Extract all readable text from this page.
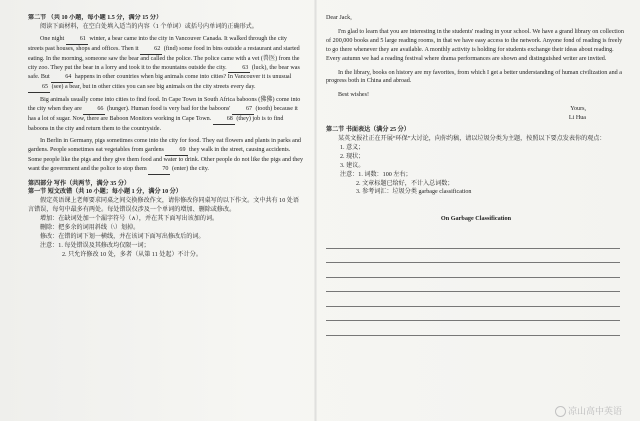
第二节 （共 10 小题，每小题 1.5 分，满分 15 分）

阅读下面材料，在空白处填入适当的内容（1 个单词）或括号内单词的正确形式。

One night 61 winter, a bear came into the city in Vancouver Canada. It walked through the city streets past houses, shops and offices. Then it 62 (find) some food in bins outside a restaurant and started eating. In the morning, someone saw the bear and called the police. The police came with a vet (兽医) from the city zoo. They put the bear in a lorry and took it to the mountains outside the city. 63 (luck), the bear was safe. But 64 happens in other countries when big animals come into cities? In Vancouver it is unusual 65 (see) a bear, but in other cities you can see big animals on the city streets every day.

Big animals usually come into cities to find food. In Cape Town in South Africa baboons (狒狒) come into the city when they are 66 (hunger). Human food is very bad for the baboons' 67 (tooth) because it has a lot of sugar. Now, there are Baboon Monitors working in Cape Town. 68 (they) job is to find baboons in the city and return them to the countryside.

In Berlin in Germany, pigs sometimes come into the city for food. They eat flowers and plants in parks and gardens. People sometimes eat vegetables from gardens 69 they walk in the street, causing accidents. Some people like the pigs and they give them food and water to drink. Other people do not like the pigs and they want the government and the police to stop them 70 (enter) the city.

第四部分 写作（共两节，满分 35 分）

第一节 短文改错（共 10 小题；每小题 1 分，满分 10 分）

假定英语课上老师要求同桌之间交换修改作文，请你修改你同桌写的以下作文。文中共有 10 处语言错误，每句中最多有两处。每处错误仅涉及一个单词的增加、删除或修改。

增加：在缺词处加一个漏字符号（∧），并在其下面写出该加的词。

删除：把多余的词用斜线（\）划掉。

修改：在错的词下划一横线，并在该词下面写出修改后的词。

注意：1. 每处错误及其修改均仅限一词；

2. 只允许修改 10 处，多者（从第 11 处起）不计分。

Dear Jack,

I'm glad to learn that you are interesting in the students' reading in your school. We have a grand library on collection of 200,000 books and 5 large reading rooms, in that we have easy access to the network. Anyone fond of reading is freely to go there whenever they are available. A monthly activity is holding for students exchange their ideas about reading. Every autumn we had a reading festival where drama performances are shown and distinguished writer are invited.

In the library, books on history are my favorites, from which I get a better understanding of human civilization and a progress both in China and abroad.

Best wishes!

Yours,

Li Hua

第二节 书面表达（满分 25 分）

某英文报社正在开展“环保”大讨论，向你约稿，请以垃圾分类为主题，按照以下要点发表你的观点：

1. 意义；

2. 现状；

3. 建议。

注意：1. 词数：100 左右；

2. 文章标题已给好，不计入总词数；

3. 参考词汇：垃圾分类 garbage classification

On Garbage Classification

凉山高中英语
